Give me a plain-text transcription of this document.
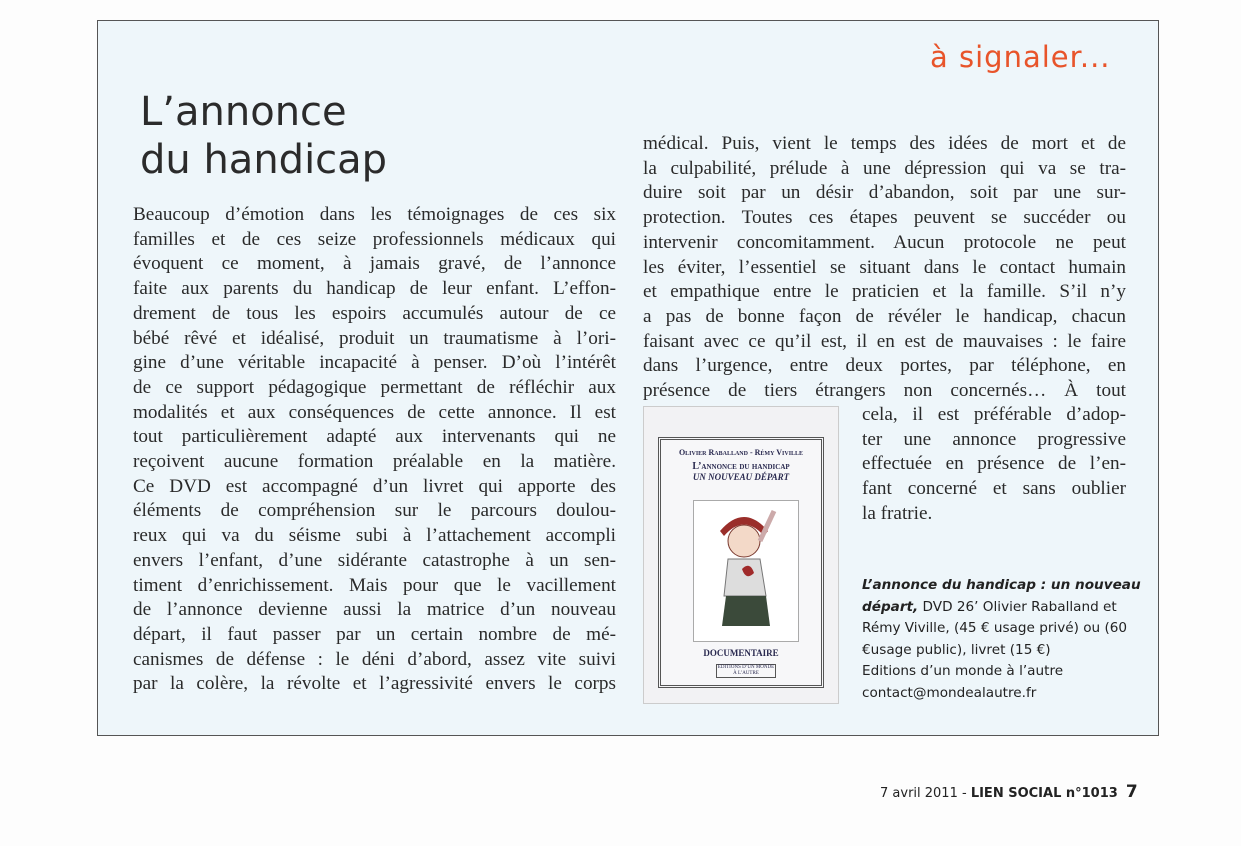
à signaler...
L’annonce
du handicap
Beaucoup d’émotion dans les témoignages de ces six
familles et de ces seize professionnels médicaux qui
évoquent ce moment, à jamais gravé, de l’annonce
faite aux parents du handicap de leur enfant. L’effon-
drement de tous les espoirs accumulés autour de ce
bébé rêvé et idéalisé, produit un traumatisme à l’ori-
gine d’une véritable incapacité à penser. D’où l’intérêt
de ce support pédagogique permettant de réfléchir aux
modalités et aux conséquences de cette annonce. Il est
tout particulièrement adapté aux intervenants qui ne
reçoivent aucune formation préalable en la matière.
Ce DVD est accompagné d’un livret qui apporte des
éléments de compréhension sur le parcours doulou-
reux qui va du séisme subi à l’attachement accompli
envers l’enfant, d’une sidérante catastrophe à un sen-
timent d’enrichissement. Mais pour que le vacillement
de l’annonce devienne aussi la matrice d’un nouveau
départ, il faut passer par un certain nombre de mé-
canismes de défense : le déni d’abord, assez vite suivi
par la colère, la révolte et l’agressivité envers le corps
médical. Puis, vient le temps des idées de mort et de
la culpabilité, prélude à une dépression qui va se tra-
duire soit par un désir d’abandon, soit par une sur-
protection. Toutes ces étapes peuvent se succéder ou
intervenir concomitamment. Aucun protocole ne peut
les éviter, l’essentiel se situant dans le contact humain
et empathique entre le praticien et la famille. S’il n’y
a pas de bonne façon de révéler le handicap, chacun
faisant avec ce qu’il est, il en est de mauvaises : le faire
dans l’urgence, entre deux portes, par téléphone, en
présence de tiers étrangers non concernés… À tout
cela, il est préférable d’adop-
ter une annonce progressive
effectuée en présence de l’en-
fant concerné et sans oublier
la fratrie.
Olivier Raballand - Rémy Viville
L’annonce du handicap
UN NOUVEAU DÉPART
DOCUMENTAIRE
EDITIONS D’UN MONDE À L’AUTRE
L’annonce du handicap : un nouveau départ, DVD 26’ Olivier Raballand et Rémy Viville, (45 € usage privé) ou (60 €usage public), livret (15 €)
Editions d’un monde à l’autre
contact@mondealautre.fr
7 avril 2011 - LIEN SOCIAL n°1013 7
